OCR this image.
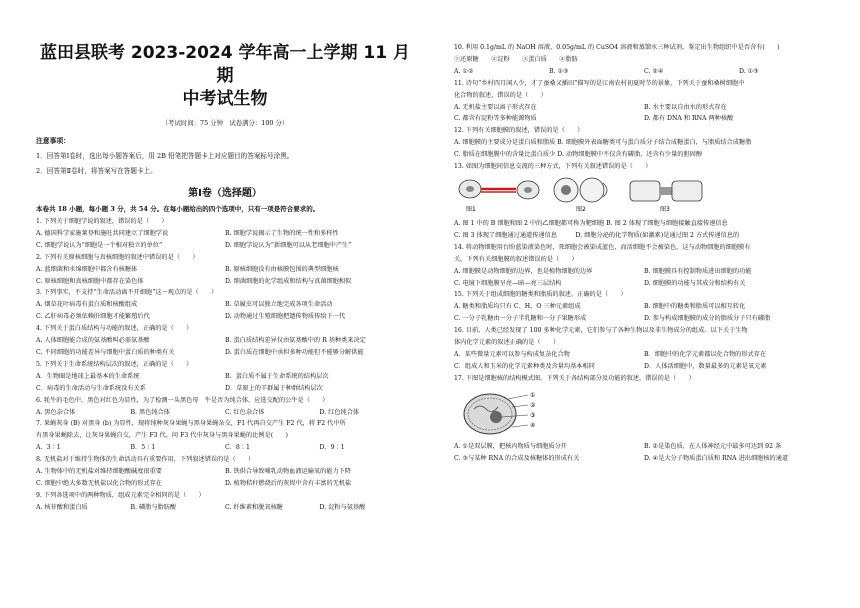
蓝田县联考 2023-2024 学年高一上学期 11 月期
中考试生物
（考试时间：75 分钟　试卷满分：100 分）
注意事项：
1．回答第Ⅰ卷时，选出每小题答案后，用 2B 铅笔把答题卡上对应题目的答案标号涂黑。
2．回答第Ⅱ卷时，将答案写在答题卡上。
第Ⅰ卷（选择题）
本卷共 18 小题，每小题 3 分，共 54 分。在每小题给出的四个选项中，只有一项是符合要求的。
1. 下列关于细胞学说的叙述，错误的是（　　）
A. 德国科学家施莱登和施旺共同建立了细胞学说	B. 细胞学说揭示了生物的统一性和多样性
C. 细胞学说认为“细胞是一个相对独立的单位”	D. 细胞学说认为“新细胞可以从老细胞中产生”
2. 下列有关原核细胞与真核细胞的叙述中错误的是（　　）
A. 蓝细菌和水绵细胞中都含有核糖体	B. 原核细胞没有由核膜包围的典型细胞核
C. 原核细胞和真核细胞中都存在染色体	D. 细菌细胞的化学组成和结构与真菌细胞相似
3. 下列事实，不支持“生命活动离不开细胞”这一观点的是（　　）
A. 烟草花叶病毒有蛋白质和核酸组成	B. 草履虫可以独立地完成各项生命活动
C. 乙肝病毒必须依赖肝细胞才能繁殖后代	D. 动物通过生殖细胞把遗传物质传给下一代
4. 下列关于蛋白质结构与功能的叙述，正确的是（　　）
A. 人体细胞能合成的氨基酸叫必需氨基酸	B. 蛋白质结构差异仅由氨基酸中的 R 基种类来决定
C. 不同细胞的功能差异与细胞中蛋白质的种类有关	D. 蛋白质在细胞中承担多种功能但不能够分解供能
5. 下列关于生命系统结构层次的叙述，正确的是（　　）
A．生物圈是地球上最基本的生命系统	B．蛋白质不属于生命系统的结构层次
C．病毒的生命活动与生命系统没有关系	D．草原上的羊群属于种群结构层次
6. 牦牛的毛色中，黑色对红色为显性，为了检测一头黑色母　牛是否为纯合体，应选交配的公牛是（　　）
A. 黑色杂合体	B. 黑色纯合体	C. 红色杂合体	D. 红色纯合体
7. 果蝇灰身 (B) 对黑身 (b) 为显性，现将纯种灰身果蝇与黑身果蝇杂交，F1 代再自交产生 F2 代，将 F2 代中所
有黑身果蝇除去，让灰身果蝇自交，产生 F3 代。问 F3 代中灰身与黑身果蝇的比例是(　　)
A．3∶1	B．5∶1	C．8∶1	D．9∶1
8. 无机盐对于维持生物体的生命活动具有重要作用，下列叙述错误的是（　　）
A. 生物体中的无机盐对维持细胞酸碱度很重要	B. 铁供合导致哺乳动物血液运输氧的能力下降
C. 细胞中绝大多数无机盐以化合物的形式存在	D. 植物秸秆燃烧后的灰烬中含有丰富的无机盐
9. 下列各选项中的两种物质，组成元素完全相同的是（　　）
A. 核苷酸和蛋白质	B. 磷脂与脂肪酸	C. 纤维素和脱氧核糖	D. 淀粉与氨基酸
10. 利用 0.1g/mL 的 NaOH 溶液、0.05g/mL 的 CuSO4 溶液和蒸馏水三种试剂，鉴定出生物组织中是否含有(　　)
①还原糖　　②淀粉　　③蛋白质　　④脂肪
A. ①②	B. ①③	C. ②④	D. ①③
11. 诗句“乡村四月闲人少，才了蚕桑又插田”描写的是江南农村初夏时节的景象。下列关于蚕和桑树细胞中
化合物的叙述，错误的是（　　）
A. 无机盐主要以离子形式存在	B. 水主要以自由水的形式存在
C. 都含有淀粉等多种能源物质	D. 都有 DNA 和 RNA 两种核酸
12. 下列有关细胞膜的叙述，错误的是（　　）
A. 细胞膜的主要成分是蛋白质和脂质 B. 细胞膜外表面糖类可与蛋白质分子结合成糖蛋白，与脂质结合成糖脂
C. 脂质在细胞膜中的含量比蛋白质少 D. 动物细胞膜中不仅含有磷脂，还含有少量的胆固醇
13. 如图为细胞间信息交流的三种方式，下列有关叙述错误的是（　　）
图1	图2	图3
A. 图 1 中的 B 细胞和图 2 中的乙细胞都可称为靶细胞 B. 图 2 体现了细胞与细胞接触直接传递信息
C. 图 3 体现了细胞通过通道传递信息　　　D. 细胞分泌的化学物质(如激素)是通过图 2 方式传递信息的
14. 将动物细胞用台盼蓝染液染色时，死细胞会被染成蓝色，而活细胞不会被染色，这与动物细胞的细胞膜有
关。下列有关细胞膜的叙述错误的是（　　）
A. 细胞膜是动物细胞的边界，也是植物细胞的边界	B. 细胞膜具有控制物质进出细胞的功能
C. 电镜下细胞膜呈亮—暗—亮三层结构	D. 细胞膜的功能与其成分和结构有关
15. 下列关于组成细胞的糖类和脂质的叙述，正确的是（　　）
A. 糖类和脂质均只有 C、H、O 三种元素组成	B. 细胞中的糖类和脂质可以相互转化
C. 一分子乳糖由一分子半乳糖和一分子果糖形成	D. 参与构成细胞膜的成分的脂质分子只有磷脂
16. 目前，人类已经发现了 100 多种化学元素，它们参与了各种生物以及非生物成分的组成。以下关于生物
体内化学元素的叙述正确的是（　　）
A．某些微量元素可以参与构成复杂化合物	B．细胞中的化学元素都以化合物的形式存在
C．组成人和玉米的化学元素种类及含量均基本相同	D．人体活细胞中，数量最多的元素是氧元素
17. 下图是细胞核的结构模式图。下列关于各结构部分及功能的叙述，错误的是（　　）
①
②
③
④
A. ①是双层膜，把核内物质与细胞质分开	B. ②是染色质，在人体神经元中最多可达到 92 条
C. ③与某种 RNA 的合成及核糖体的形成有关	D. ④是大分子物质蛋白质和 RNA 进出细胞核的通道
